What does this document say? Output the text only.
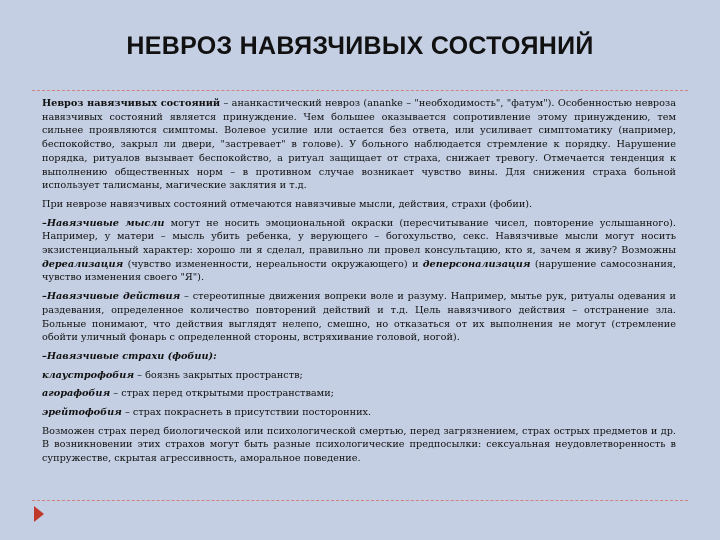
НЕВРОЗ НАВЯЗЧИВЫХ СОСТОЯНИЙ

Невроз навязчивых состояний – ананкастический невроз (ananke – "необходимость", "фатум"). Особенностью невроза навязчивых состояний является принуждение. Чем большее оказывается сопротивление этому принуждению, тем сильнее проявляются симптомы. Волевое усилие или остается без ответа, или усиливает симптоматику (например, беспокойство, закрыл ли двери, "застревает" в голове). У больного наблюдается стремление к порядку. Нарушение порядка, ритуалов вызывает беспокойство, а ритуал защищает от страха, снижает тревогу. Отмечается тенденция к выполнению общественных норм – в противном случае возникает чувство вины. Для снижения страха больной использует талисманы, магические заклятия и т.д.

При неврозе навязчивых состояний отмечаются навязчивые мысли, действия, страхи (фобии).

–Навязчивые мысли могут не носить эмоциональной окраски (пересчитывание чисел, повторение услышанного). Например, у матери – мысль убить ребенка, у верующего – богохульство, секс. Навязчивые мысли могут носить экзистенциальный характер: хорошо ли я сделал, правильно ли провел консультацию, кто я, зачем я живу? Возможны дереализация (чувство измененности, нереальности окружающего) и деперсонализация (нарушение самосознания, чувство изменения своего "Я").

–Навязчивые действия – стереотипные движения вопреки воле и разуму. Например, мытье рук, ритуалы одевания и раздевания, определенное количество повторений действий и т.д. Цель навязчивого действия – отстранение зла. Больные понимают, что действия выглядят нелепо, смешно, но отказаться от их выполнения не могут (стремление обойти уличный фонарь с определенной стороны, встряхивание головой, ногой).

–Навязчивые страхи (фобии):

клаустрофобия – боязнь закрытых пространств;

агорафобия – страх перед открытыми пространствами;

эрейтофобия – страх покраснеть в присутствии посторонних.

Возможен страх перед биологической или психологической смертью, перед загрязнением, страх острых предметов и др. В возникновении этих страхов могут быть разные психологические предпосылки: сексуальная неудовлетворенность в супружестве, скрытая агрессивность, аморальное поведение.
